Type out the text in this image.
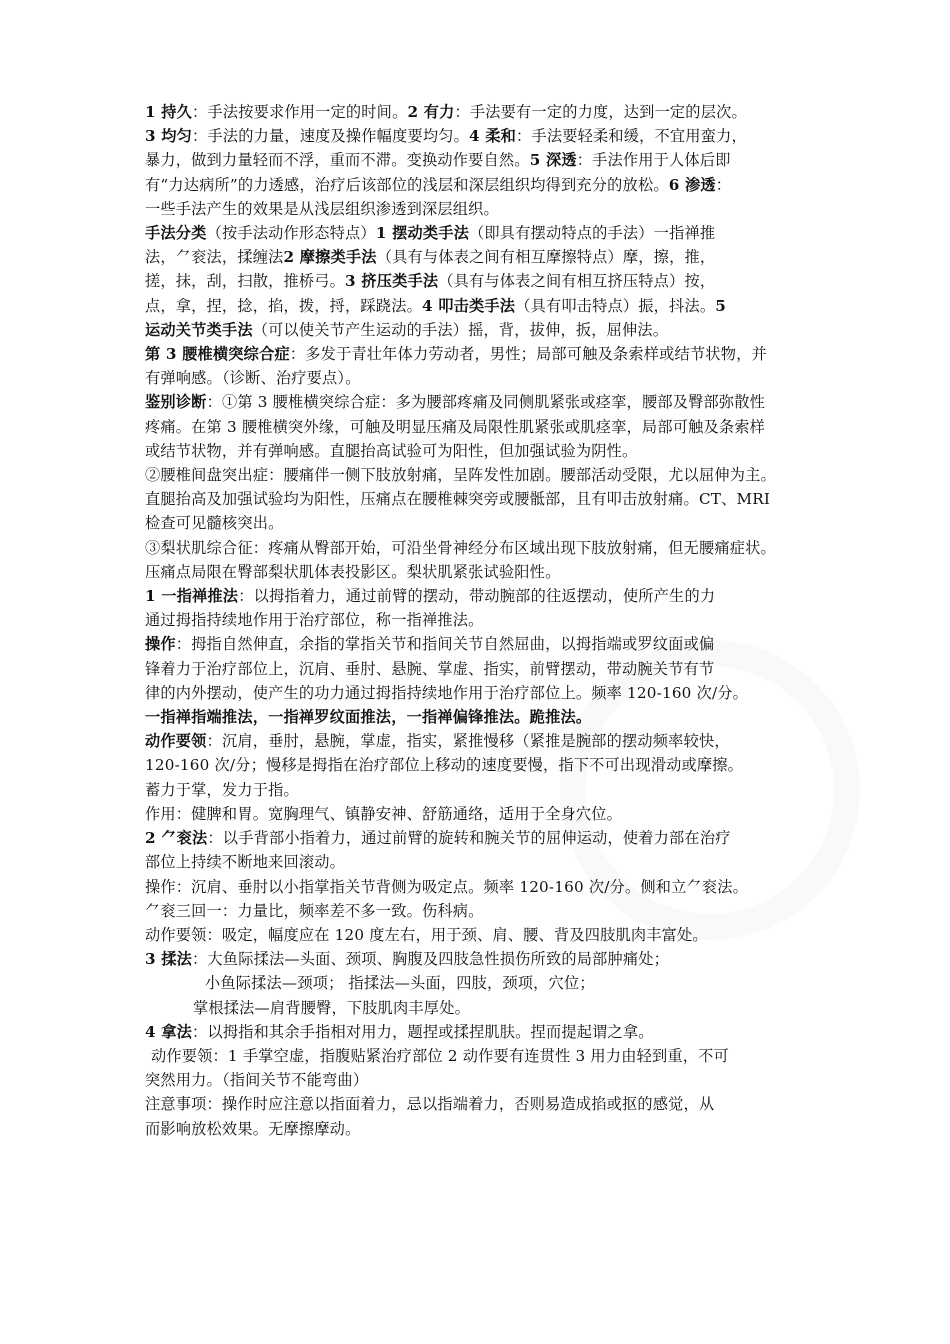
1 持久：手法按要求作用一定的时间。2 有力：手法要有一定的力度，达到一定的层次。
3 均匀：手法的力量，速度及操作幅度要均匀。4 柔和：手法要轻柔和缓，不宜用蛮力，
暴力，做到力量轻而不浮，重而不滞。变换动作要自然。5 深透：手法作用于人体后即
有“力达病所”的力透感，治疗后该部位的浅层和深层组织均得到充分的放松。6 渗透：
一些手法产生的效果是从浅层组织渗透到深层组织。
手法分类（按手法动作形态特点）1 摆动类手法（即具有摆动特点的手法）一指禅推
法，⺈衮法，揉缠法2 摩擦类手法（具有与体表之间有相互摩擦特点）摩，擦，推，
搓，抹，刮，扫散，推桥弓。3 挤压类手法（具有与体表之间有相互挤压特点）按，
点，拿，捏，捻，掐，拨，捋，踩跷法。4 叩击类手法（具有叩击特点）振，抖法。5
运动关节类手法（可以使关节产生运动的手法）摇，背，拔伸，扳，屈伸法。
第 3 腰椎横突综合症：多发于青壮年体力劳动者，男性；局部可触及条索样或结节状物，并
有弹响感。（诊断、治疗要点）。
鉴别诊断：①第 3 腰椎横突综合症：多为腰部疼痛及同侧肌紧张或痉挛，腰部及臀部弥散性
疼痛。在第 3 腰椎横突外缘，可触及明显压痛及局限性肌紧张或肌痉挛，局部可触及条索样
或结节状物，并有弹响感。直腿抬高试验可为阳性，但加强试验为阴性。
②腰椎间盘突出症：腰痛伴一侧下肢放射痛，呈阵发性加剧。腰部活动受限，尤以屈伸为主。
直腿抬高及加强试验均为阳性，压痛点在腰椎棘突旁或腰骶部，且有叩击放射痛。CT、MRI
检查可见髓核突出。
③梨状肌综合征：疼痛从臀部开始，可沿坐骨神经分布区域出现下肢放射痛，但无腰痛症状。
压痛点局限在臀部梨状肌体表投影区。梨状肌紧张试验阳性。
1 一指禅推法：以拇指着力，通过前臂的摆动，带动腕部的往返摆动，使所产生的力
通过拇指持续地作用于治疗部位，称一指禅推法。
操作：拇指自然伸直，余指的掌指关节和指间关节自然屈曲，以拇指端或罗纹面或偏
锋着力于治疗部位上，沉肩、垂肘、悬腕、掌虚、指实，前臂摆动，带动腕关节有节
律的内外摆动，使产生的功力通过拇指持续地作用于治疗部位上。频率 120-160 次/分。
一指禅指端推法，一指禅罗纹面推法，一指禅偏锋推法。跪推法。
动作要领：沉肩，垂肘，悬腕，掌虚，指实，紧推慢移（紧推是腕部的摆动频率较快，
120-160 次/分；慢移是拇指在治疗部位上移动的速度要慢，指下不可出现滑动或摩擦。
蓄力于掌，发力于指。
作用：健脾和胃。宽胸理气、镇静安神、舒筋通络，适用于全身穴位。
2 ⺈衮法：以手背部小指着力，通过前臂的旋转和腕关节的屈伸运动，使着力部在治疗
部位上持续不断地来回滚动。
操作：沉肩、垂肘以小指掌指关节背侧为吸定点。频率 120-160 次/分。侧和立⺈衮法。
⺈衮三回一：力量比，频率差不多一致。伤科病。
动作要领：吸定，幅度应在 120 度左右，用于颈、肩、腰、背及四肢肌肉丰富处。
3 揉法：大鱼际揉法—头面、颈项、胸腹及四肢急性损伤所致的局部肿痛处；
小鱼际揉法—颈项； 指揉法—头面，四肢，颈项，穴位；
掌根揉法—肩背腰臀，下肢肌肉丰厚处。
4 拿法：以拇指和其余手指相对用力，题捏或揉捏肌肤。捏而提起谓之拿。
动作要领：1 手掌空虚，指腹贴紧治疗部位 2 动作要有连贯性 3 用力由轻到重，不可
突然用力。（指间关节不能弯曲）
注意事项：操作时应注意以指面着力，忌以指端着力，否则易造成掐或抠的感觉，从
而影响放松效果。无摩擦摩动。
